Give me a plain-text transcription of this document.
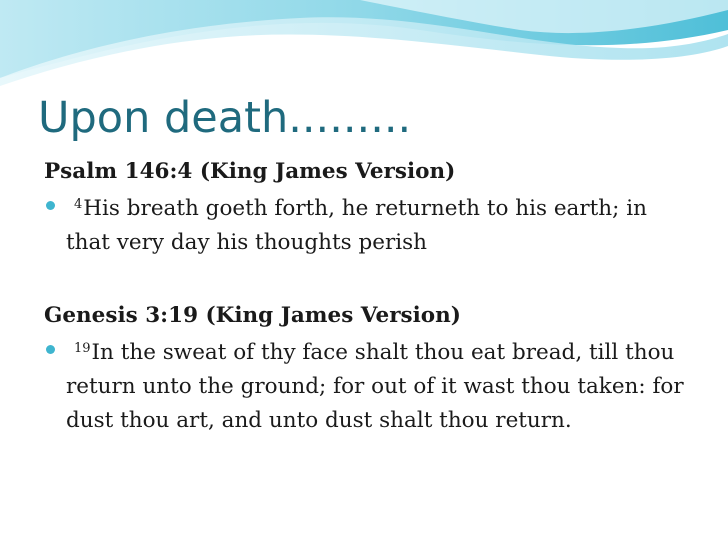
Upon death.........

Psalm 146:4 (King James Version)

$^4$His breath goeth forth, he returneth to his earth; in that very day his thoughts perish

Genesis 3:19 (King James Version)

$^{19}$In the sweat of thy face shalt thou eat bread, till thou return unto the ground; for out of it wast thou taken: for dust thou art, and unto dust shalt thou return.
